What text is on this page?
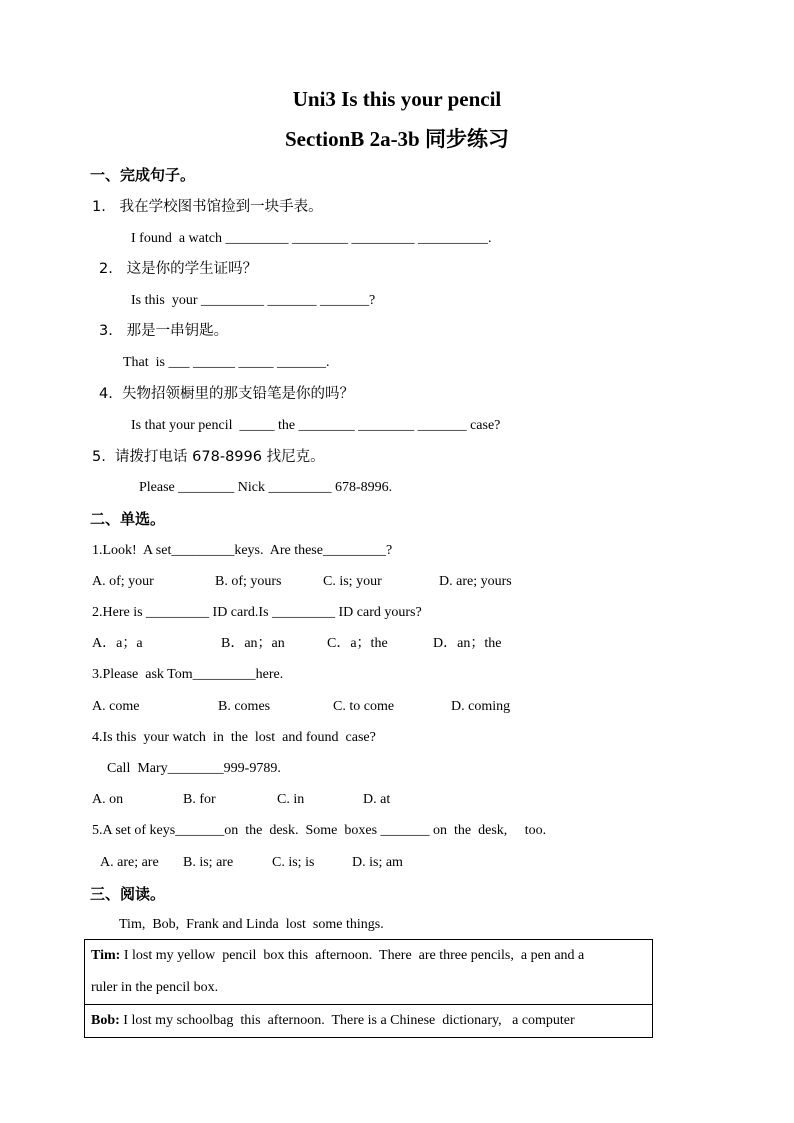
Uni3 Is this your pencil
SectionB 2a-3b 同步练习
一、完成句子。
1.   我在学校图书馆捡到一块手表。
I found  a watch _________ ________ _________ __________.
2.   这是你的学生证吗？
Is this  your _________ _______ _______?
3.   那是一串钥匙。
That  is ___ ______ _____ _______.
4.  失物招领橱里的那支铅笔是你的吗？
Is that your pencil  _____ the ________ ________ _______ case?
5.  请拨打电话 678-8996 找尼克。
Please ________ Nick _________ 678-8996.
二、单选。
1.Look!  A set_________keys.  Are these_________?
A. of; your	B. of; yours	C. is; your	D. are; yours
2.Here is _________ ID card.Is _________ ID card yours?
A．a；a	B．an；an	C．a；the	D．an；the
3.Please  ask Tom_________here.
A. come	B. comes	C. to come	D. coming
4.Is this  your watch  in  the  lost  and found  case?
Call  Mary________999-9789.
A. on	B. for	C. in	D. at
5.A set of keys_______on  the  desk.  Some  boxes _______ on  the  desk,     too.
A. are; are B. is; are	C. is; is	D. is; am
三、阅读。
Tim,  Bob,  Frank and Linda  lost  some things.
Tim: I lost my yellow  pencil  box this  afternoon.  There  are three pencils,  a pen and a
ruler in the pencil box.
Bob: I lost my schoolbag  this  afternoon.  There is a Chinese  dictionary,   a computer
